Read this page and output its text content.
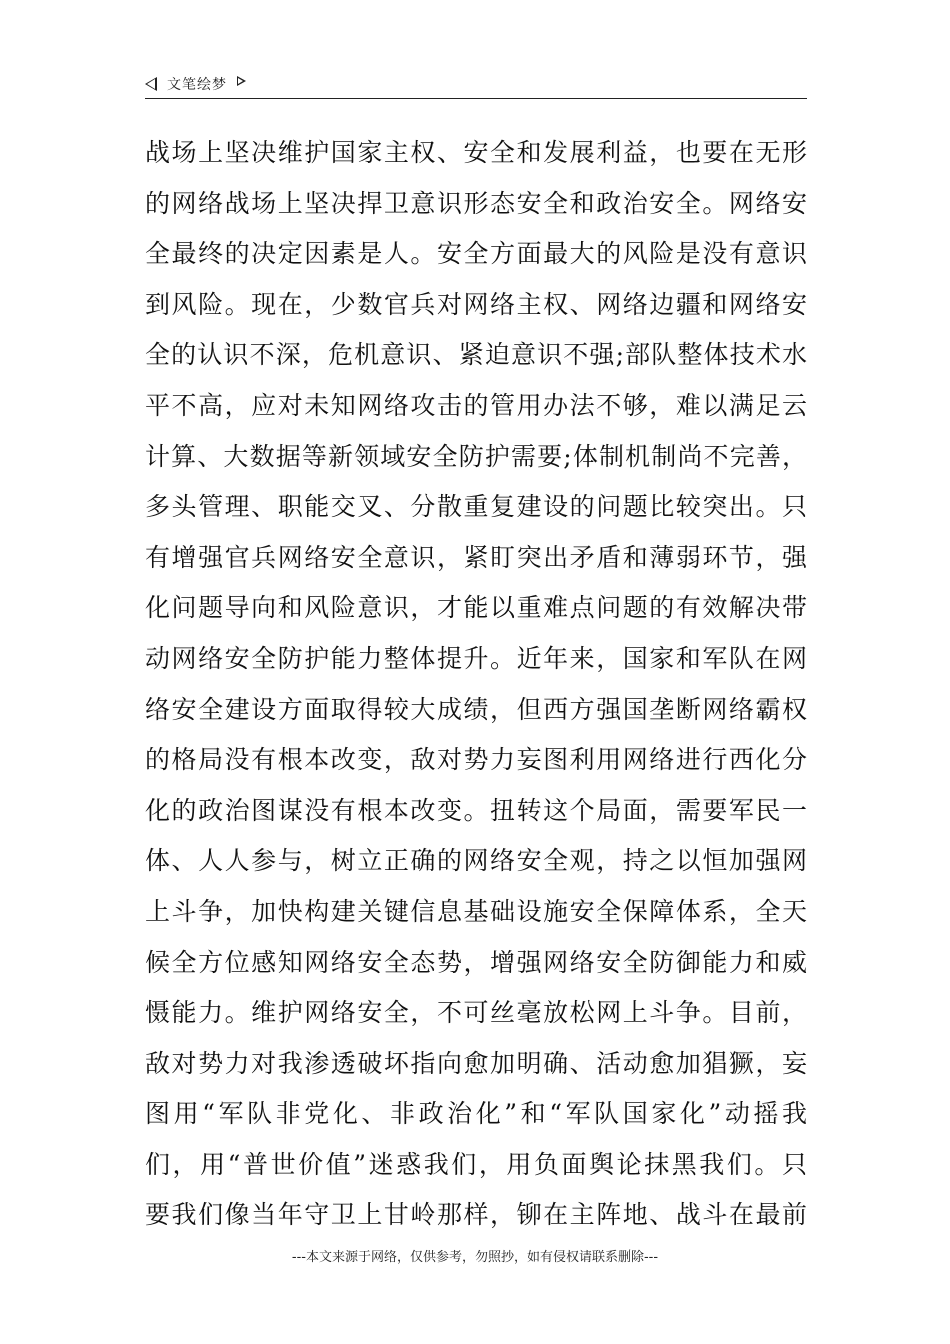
文笔绘梦
战场上坚决维护国家主权、安全和发展利益，也要在无形
的网络战场上坚决捍卫意识形态安全和政治安全。网络安
全最终的决定因素是人。安全方面最大的风险是没有意识
到风险。现在，少数官兵对网络主权、网络边疆和网络安
全的认识不深，危机意识、紧迫意识不强;部队整体技术水
平不高，应对未知网络攻击的管用办法不够，难以满足云
计算、大数据等新领域安全防护需要;体制机制尚不完善，
多头管理、职能交叉、分散重复建设的问题比较突出。只
有增强官兵网络安全意识，紧盯突出矛盾和薄弱环节，强
化问题导向和风险意识，才能以重难点问题的有效解决带
动网络安全防护能力整体提升。近年来，国家和军队在网
络安全建设方面取得较大成绩，但西方强国垄断网络霸权
的格局没有根本改变，敌对势力妄图利用网络进行西化分
化的政治图谋没有根本改变。扭转这个局面，需要军民一
体、人人参与，树立正确的网络安全观，持之以恒加强网
上斗争，加快构建关键信息基础设施安全保障体系，全天
候全方位感知网络安全态势，增强网络安全防御能力和威
慑能力。维护网络安全，不可丝毫放松网上斗争。目前，
敌对势力对我渗透破坏指向愈加明确、活动愈加猖獗，妄
图用“军队非党化、非政治化”和“军队国家化”动摇我
们，用“普世价值”迷惑我们，用负面舆论抹黑我们。只
要我们像当年守卫上甘岭那样，铆在主阵地、战斗在最前
---本文来源于网络，仅供参考，勿照抄，如有侵权请联系删除---
